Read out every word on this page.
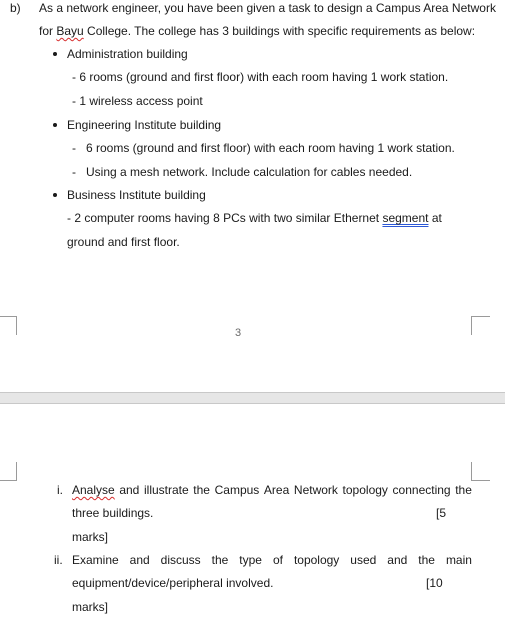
b) As a network engineer, you have been given a task to design a Campus Area Network
for Bayu College. The college has 3 buildings with specific requirements as below:
Administration building
- 6 rooms (ground and first floor) with each room having 1 work station.
- 1 wireless access point
Engineering Institute building
- 6 rooms (ground and first floor) with each room having 1 work station.
- Using a mesh network. Include calculation for cables needed.
Business Institute building
- 2 computer rooms having 8 PCs with two similar Ethernet segment at
ground and first floor.
3
i. Analyse and illustrate the Campus Area Network topology connecting the
three buildings.	[5
marks]
ii. Examine and discuss the type of topology used and the main
equipment/device/peripheral involved.	[10
marks]
